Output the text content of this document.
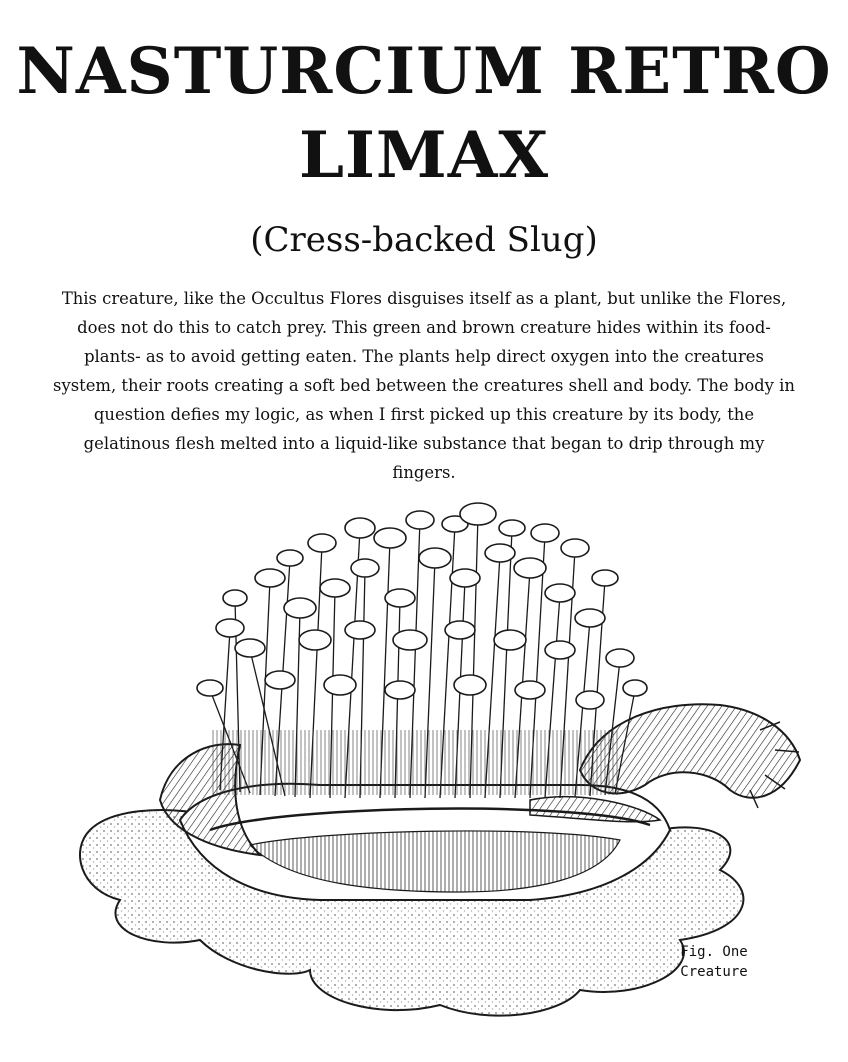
NASTURCIUM RETRO LIMAX

(Cress-backed Slug)

This creature, like the Occultus Flores disguises itself as a plant, but unlike the Flores, does not do this to catch prey. This green and brown creature hides within its food- plants- as to avoid getting eaten. The plants help direct oxygen into the creatures system, their roots creating a soft bed between the creatures shell and body. The body in question defies my logic, as when I first picked up this creature by its body, the gelatinous flesh melted into a liquid-like substance that began to drip through my fingers.

Fig. One
Creature
